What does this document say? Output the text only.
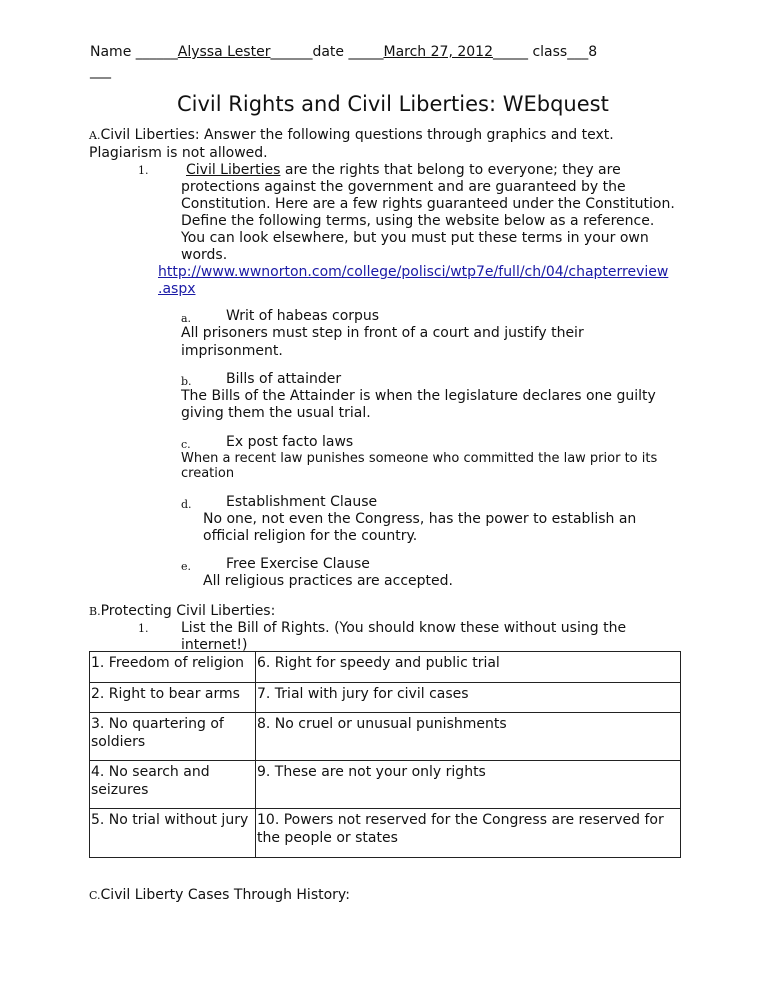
Name ______Alyssa Lester______date _____March 27, 2012_____ class___8
___
Civil Rights and Civil Liberties: WEbquest
A.Civil Liberties: Answer the following questions through graphics and text.
Plagiarism is not allowed.
1.	Civil Liberties are the rights that belong to everyone; they are
protections against the government and are guaranteed by the
Constitution. Here are a few rights guaranteed under the Constitution.
Define the following terms, using the website below as a reference.
You can look elsewhere, but you must put these terms in your own
words.
http://www.wwnorton.com/college/polisci/wtp7e/full/ch/04/chapterreview
.aspx
a. Writ of habeas corpus
All prisoners must step in front of a court and justify their
imprisonment.
b. Bills of attainder
The Bills of the Attainder is when the legislature declares one guilty
giving them the usual trial.
c.	Ex post facto laws
When a recent law punishes someone who committed the law prior to its
creation
d. Establishment Clause
No one, not even the Congress, has the power to establish an
official religion for the country.
e. Free Exercise Clause
All religious practices are accepted.
B.Protecting Civil Liberties:
1. List the Bill of Rights. (You should know these without using the
internet!)
1. Freedom of religion	6. Right for speedy and public trial
2. Right to bear arms	7. Trial with jury for civil cases
3. No quartering of soldiers	8. No cruel or unusual punishments
4. No search and seizures	9. These are not your only rights
5. No trial without jury	10. Powers not reserved for the Congress are reserved for the people or states
C.Civil Liberty Cases Through History:
